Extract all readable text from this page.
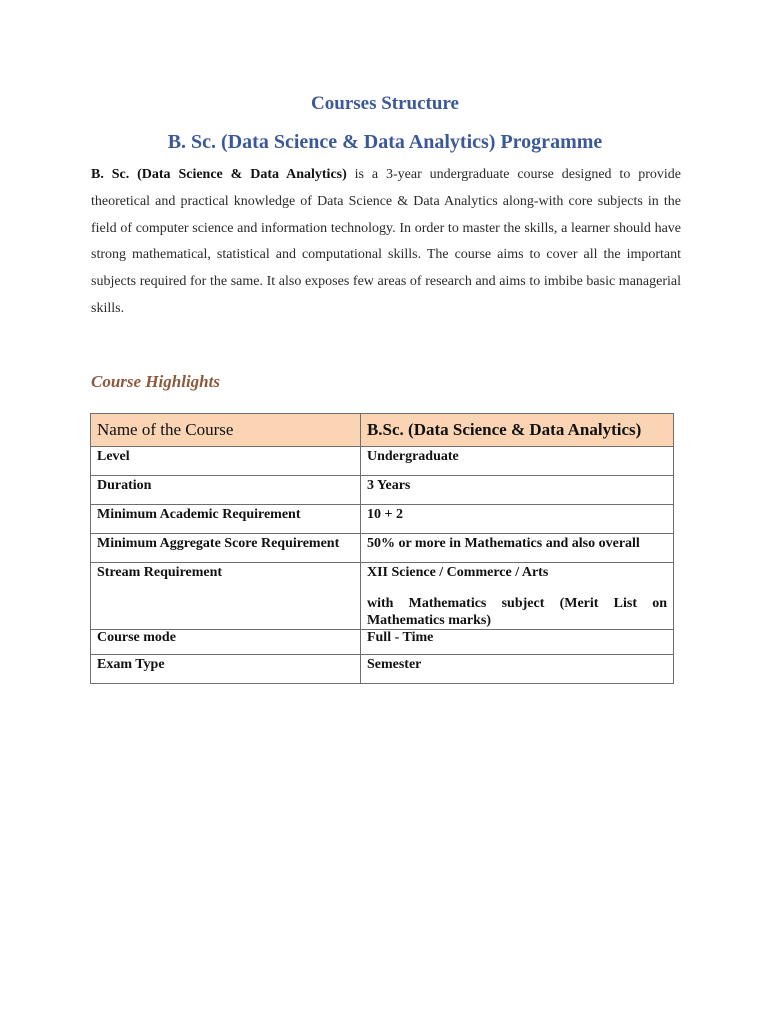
Courses Structure
B. Sc. (Data Science & Data Analytics) Programme

B. Sc. (Data Science & Data Analytics) is a 3-year undergraduate course designed to provide theoretical and practical knowledge of Data Science & Data Analytics along-with core subjects in the field of computer science and information technology. In order to master the skills, a learner should have strong mathematical, statistical and computational skills. The course aims to cover all the important subjects required for the same. It also exposes few areas of research and aims to imbibe basic managerial skills.

Course Highlights
Name of the Course	B.Sc. (Data Science & Data Analytics)
Level	Undergraduate
Duration	3 Years
Minimum Academic Requirement	10 + 2
Minimum Aggregate Score Requirement	50% or more in Mathematics and also overall
Stream Requirement	XII Science / Commerce / Arts
with Mathematics subject (Merit List on Mathematics marks)

Course mode	Full - Time
Exam Type	Semester
